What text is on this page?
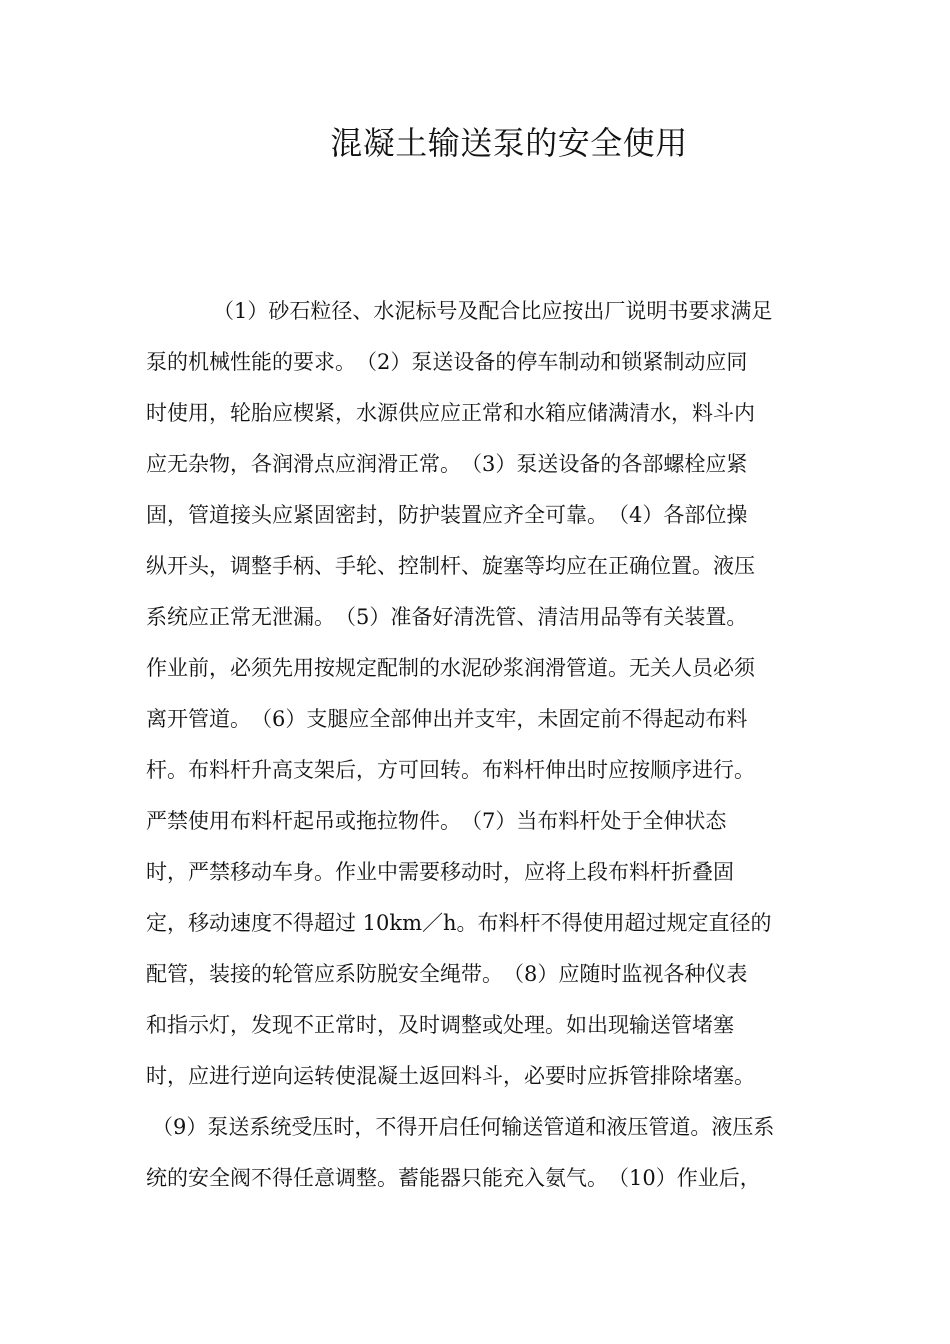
混凝土输送泵的安全使用
（1）砂石粒径、水泥标号及配合比应按出厂说明书要求满足
泵的机械性能的要求。　（2）泵送设备的停车制动和锁紧制动应同
时使用，轮胎应楔紧，水源供应应正常和水箱应储满清水，料斗内
应无杂物，各润滑点应润滑正常。　（3）泵送设备的各部螺栓应紧
固，管道接头应紧固密封，防护装置应齐全可靠。　（4）各部位操
纵开头，调整手柄、手轮、控制杆、旋塞等均应在正确位置。液压
系统应正常无泄漏。　（5）准备好清洗管、清洁用品等有关装置。
作业前，必须先用按规定配制的水泥砂浆润滑管道。无关人员必须
离开管道。　（6）支腿应全部伸出并支牢，未固定前不得起动布料
杆。布料杆升高支架后，方可回转。布料杆伸出时应按顺序进行。
严禁使用布料杆起吊或拖拉物件。　（7）当布料杆处于全伸状态
时，严禁移动车身。作业中需要移动时，应将上段布料杆折叠固
定，移动速度不得超过 10km／h。布料杆不得使用超过规定直径的
配管，装接的轮管应系防脱安全绳带。　（8）应随时监视各种仪表
和指示灯，发现不正常时，及时调整或处理。如出现输送管堵塞
时，应进行逆向运转使混凝土返回料斗，必要时应拆管排除堵塞。
（9）泵送系统受压时，不得开启任何输送管道和液压管道。液压系
统的安全阀不得任意调整。蓄能器只能充入氨气。　（10）作业后，
